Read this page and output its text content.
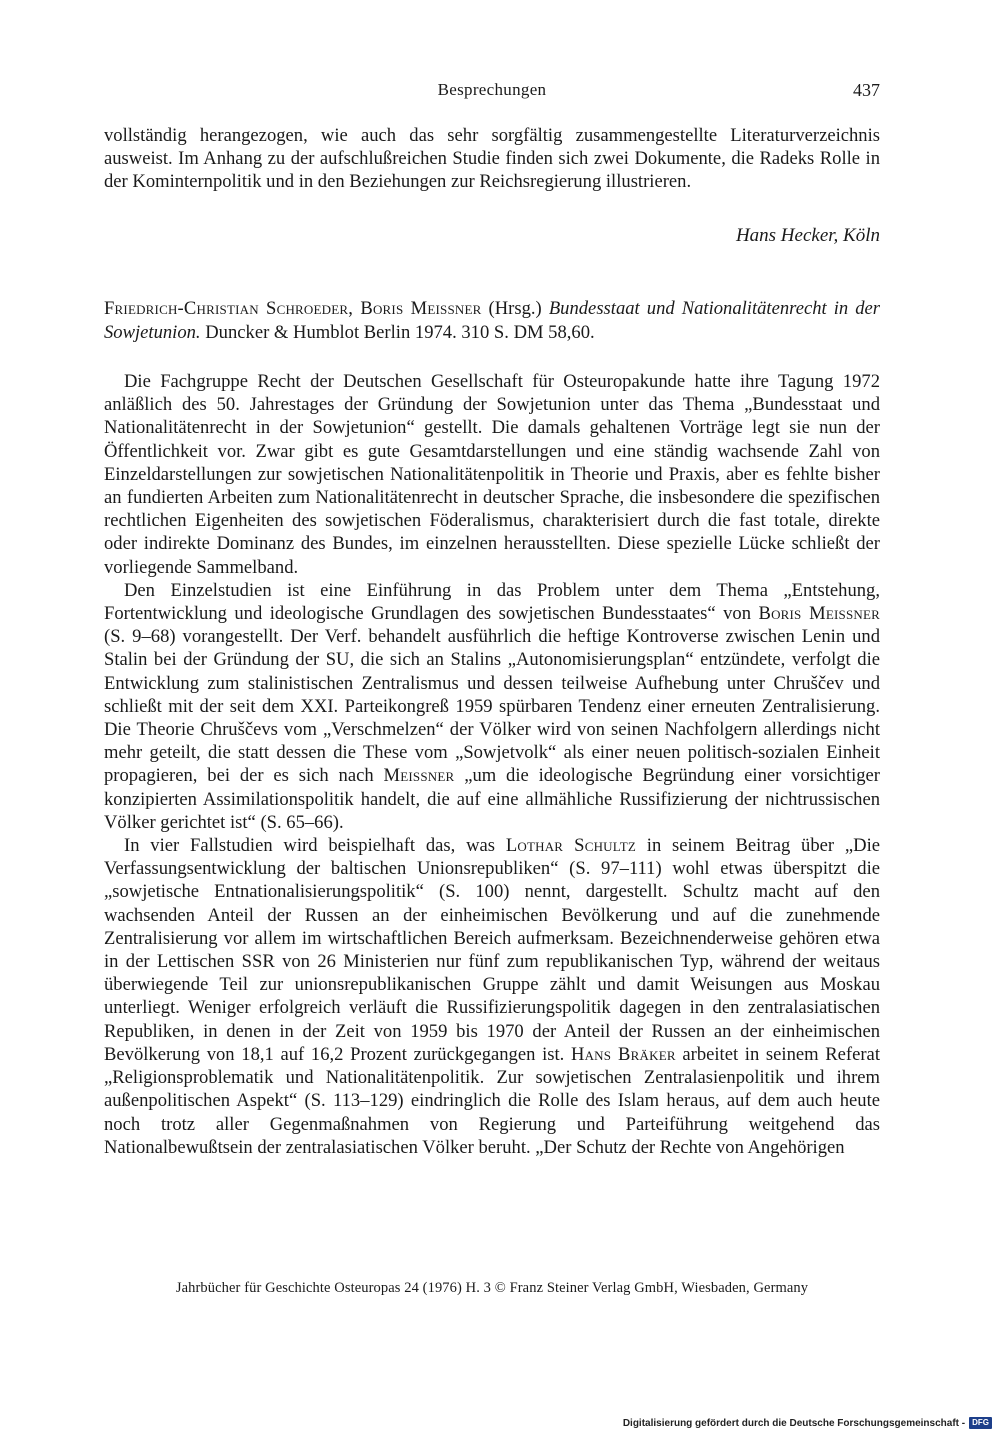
Besprechungen	437

vollständig herangezogen, wie auch das sehr sorgfältig zusammengestellte Literaturverzeichnis ausweist. Im Anhang zu der aufschlußreichen Studie finden sich zwei Dokumente, die Radeks Rolle in der Kominternpolitik und in den Beziehungen zur Reichsregierung illustrieren.

Hans Hecker, Köln
Friedrich-Christian Schroeder, Boris Meissner (Hrsg.) Bundesstaat und Nationalitätenrecht in der Sowjetunion. Duncker & Humblot Berlin 1974. 310 S. DM 58,60.

Die Fachgruppe Recht der Deutschen Gesellschaft für Osteuropakunde hatte ihre Tagung 1972 anläßlich des 50. Jahrestages der Gründung der Sowjetunion unter das Thema „Bundesstaat und Nationalitätenrecht in der Sowjetunion“ gestellt. Die damals gehaltenen Vorträge legt sie nun der Öffentlichkeit vor. Zwar gibt es gute Gesamtdarstellungen und eine ständig wachsende Zahl von Einzeldarstellungen zur sowjetischen Nationalitätenpolitik in Theorie und Praxis, aber es fehlte bisher an fundierten Arbeiten zum Nationalitätenrecht in deutscher Sprache, die insbesondere die spezifischen rechtlichen Eigenheiten des sowjetischen Föderalismus, charakterisiert durch die fast totale, direkte oder indirekte Dominanz des Bundes, im einzelnen herausstellten. Diese spezielle Lücke schließt der vorliegende Sammelband.

Den Einzelstudien ist eine Einführung in das Problem unter dem Thema „Entstehung, Fortentwicklung und ideologische Grundlagen des sowjetischen Bundesstaates“ von Boris Meissner (S. 9–68) vorangestellt. Der Verf. behandelt ausführlich die heftige Kontroverse zwischen Lenin und Stalin bei der Gründung der SU, die sich an Stalins „Autonomisierungsplan“ entzündete, verfolgt die Entwicklung zum stalinistischen Zentralismus und dessen teilweise Aufhebung unter Chruščev und schließt mit der seit dem XXI. Parteikongreß 1959 spürbaren Tendenz einer erneuten Zentralisierung. Die Theorie Chruščevs vom „Verschmelzen“ der Völker wird von seinen Nachfolgern allerdings nicht mehr geteilt, die statt dessen die These vom „Sowjetvolk“ als einer neuen politisch-sozialen Einheit propagieren, bei der es sich nach Meissner „um die ideologische Begründung einer vorsichtiger konzipierten Assimilationspolitik handelt, die auf eine allmähliche Russifizierung der nichtrussischen Völker gerichtet ist“ (S. 65–66).

In vier Fallstudien wird beispielhaft das, was Lothar Schultz in seinem Beitrag über „Die Verfassungsentwicklung der baltischen Unionsrepubliken“ (S. 97–111) wohl etwas überspitzt die „sowjetische Entnationalisierungspolitik“ (S. 100) nennt, dargestellt. Schultz macht auf den wachsenden Anteil der Russen an der einheimischen Bevölkerung und auf die zunehmende Zentralisierung vor allem im wirtschaftlichen Bereich aufmerksam. Bezeichnenderweise gehören etwa in der Lettischen SSR von 26 Ministerien nur fünf zum republikanischen Typ, während der weitaus überwiegende Teil zur unionsrepublikanischen Gruppe zählt und damit Weisungen aus Moskau unterliegt. Weniger erfolgreich verläuft die Russifizierungspolitik dagegen in den zentralasiatischen Republiken, in denen in der Zeit von 1959 bis 1970 der Anteil der Russen an der einheimischen Bevölkerung von 18,1 auf 16,2 Prozent zurückgegangen ist. Hans Bräker arbeitet in seinem Referat „Religionsproblematik und Nationalitätenpolitik. Zur sowjetischen Zentralasienpolitik und ihrem außenpolitischen Aspekt“ (S. 113–129) eindringlich die Rolle des Islam heraus, auf dem auch heute noch trotz aller Gegenmaßnahmen von Regierung und Parteiführung weitgehend das Nationalbewußtsein der zentralasiatischen Völker beruht. „Der Schutz der Rechte von Angehörigen

Jahrbücher für Geschichte Osteuropas 24 (1976) H. 3 © Franz Steiner Verlag GmbH, Wiesbaden, Germany
Digitalisierung gefördert durch die Deutsche Forschungsgemeinschaft - DFG
